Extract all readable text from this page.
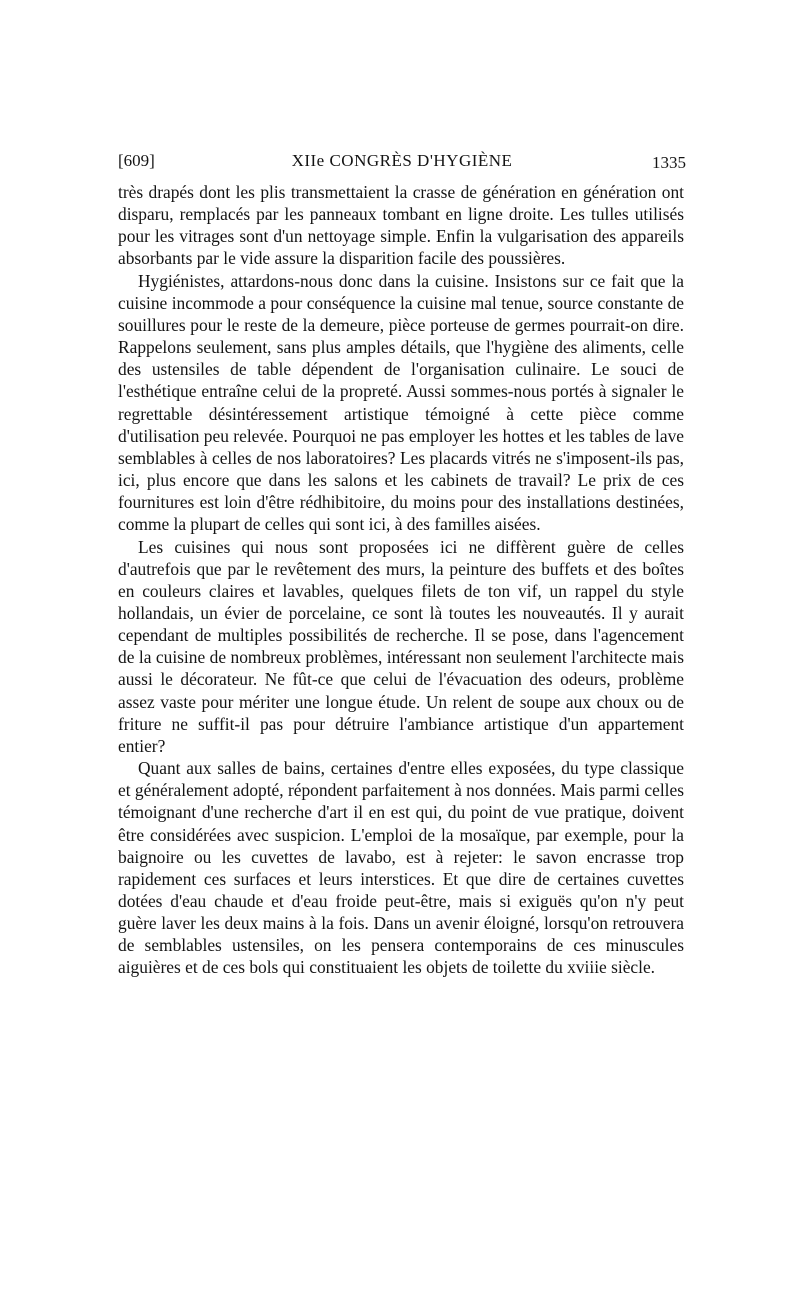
[609]	XIIe CONGRÈS D'HYGIÈNE	1335

très drapés dont les plis transmettaient la crasse de génération en génération ont disparu, remplacés par les panneaux tombant en ligne droite. Les tulles utilisés pour les vitrages sont d'un nettoyage simple. Enfin la vulgarisation des appareils absorbants par le vide assure la disparition facile des poussières.

Hygiénistes, attardons-nous donc dans la cuisine. Insistons sur ce fait que la cuisine incommode a pour conséquence la cuisine mal tenue, source constante de souillures pour le reste de la demeure, pièce porteuse de germes pourrait-on dire. Rappelons seulement, sans plus amples détails, que l'hygiène des aliments, celle des ustensiles de table dépendent de l'organisation culinaire. Le souci de l'esthétique entraîne celui de la propreté. Aussi sommes-nous portés à signaler le regrettable désintéressement artistique témoigné à cette pièce comme d'utilisation peu relevée. Pourquoi ne pas employer les hottes et les tables de lave semblables à celles de nos laboratoires? Les placards vitrés ne s'imposent-ils pas, ici, plus encore que dans les salons et les cabinets de travail? Le prix de ces fournitures est loin d'être rédhibitoire, du moins pour des installations destinées, comme la plupart de celles qui sont ici, à des familles aisées.

Les cuisines qui nous sont proposées ici ne diffèrent guère de celles d'autrefois que par le revêtement des murs, la peinture des buffets et des boîtes en couleurs claires et lavables, quelques filets de ton vif, un rappel du style hollandais, un évier de porcelaine, ce sont là toutes les nouveautés. Il y aurait cependant de multiples possibilités de recherche. Il se pose, dans l'agencement de la cuisine de nombreux problèmes, intéressant non seulement l'architecte mais aussi le décorateur. Ne fût-ce que celui de l'évacuation des odeurs, problème assez vaste pour mériter une longue étude. Un relent de soupe aux choux ou de friture ne suffit-il pas pour détruire l'ambiance artistique d'un appartement entier?

Quant aux salles de bains, certaines d'entre elles exposées, du type classique et généralement adopté, répondent parfaitement à nos données. Mais parmi celles témoignant d'une recherche d'art il en est qui, du point de vue pratique, doivent être considérées avec suspicion. L'emploi de la mosaïque, par exemple, pour la baignoire ou les cuvettes de lavabo, est à rejeter: le savon encrasse trop rapidement ces surfaces et leurs interstices. Et que dire de certaines cuvettes dotées d'eau chaude et d'eau froide peut-être, mais si exiguës qu'on n'y peut guère laver les deux mains à la fois. Dans un avenir éloigné, lorsqu'on retrouvera de semblables ustensiles, on les pensera contemporains de ces minuscules aiguières et de ces bols qui constituaient les objets de toilette du xviiie siècle.
